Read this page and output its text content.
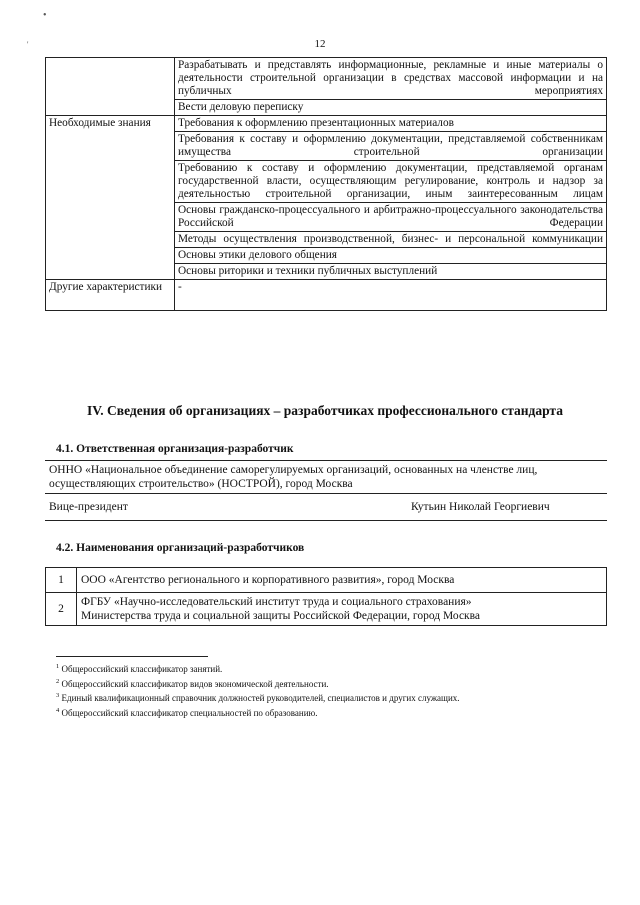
•
'	12
	Разрабатывать и представлять информационные, рекламные и иные материалы о деятельности строительной организации в средствах массовой информации и на публичных мероприятиях
	Вести деловую переписку
Необходимые знания	Требования к оформлению презентационных материалов
	Требования к составу и оформлению документации, представляемой собственникам имущества строительной организации
	Требованию к составу и оформлению документации, представляемой органам государственной власти, осуществляющим регулирование, контроль и надзор за деятельностью строительной организации, иным заинтересованным лицам
	Основы гражданско-процессуального и арбитражно-процессуального законодательства Российской Федерации
	Методы осуществления производственной, бизнес- и персональной коммуникации
	Основы этики делового общения
	Основы риторики и техники публичных выступлений
Другие характеристики	-
IV. Сведения об организациях – разработчиках профессионального стандарта
4.1. Ответственная организация-разработчик
ОННО «Национальное объединение саморегулируемых организаций, основанных на членстве лиц, осуществляющих строительство» (НОСТРОЙ), город Москва
Вице-президент	Кутьин Николай Георгиевич
4.2. Наименования организаций-разработчиков
1	ООО «Агентство регионального и корпоративного развития», город Москва
2	ФГБУ «Научно-исследовательский институт труда и социального страхования»
Министерства труда и социальной защиты Российской Федерации, город Москва
$^1$ Общероссийский классификатор занятий.
$^2$ Общероссийский классификатор видов экономической деятельности.
$^3$ Единый квалификационный справочник должностей руководителей, специалистов и других служащих.
$^4$ Общероссийский классификатор специальностей по образованию.
